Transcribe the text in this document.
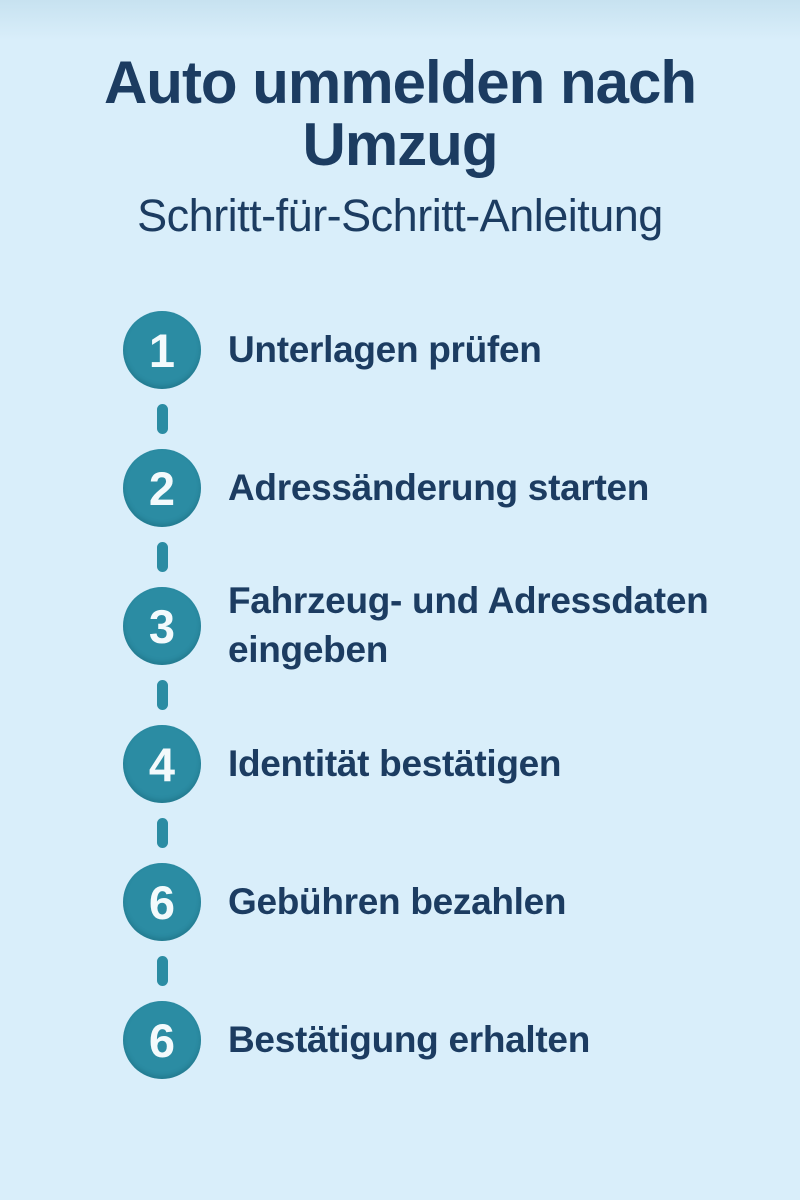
Auto ummelden nach
Umzug
Schritt-für-Schritt-Anleitung
1	Unterlagen prüfen
2	Adressänderung starten
3	Fahrzeug- und Adressdaten eingeben
4	Identität bestätigen
6	Gebühren bezahlen
6	Bestätigung erhalten
